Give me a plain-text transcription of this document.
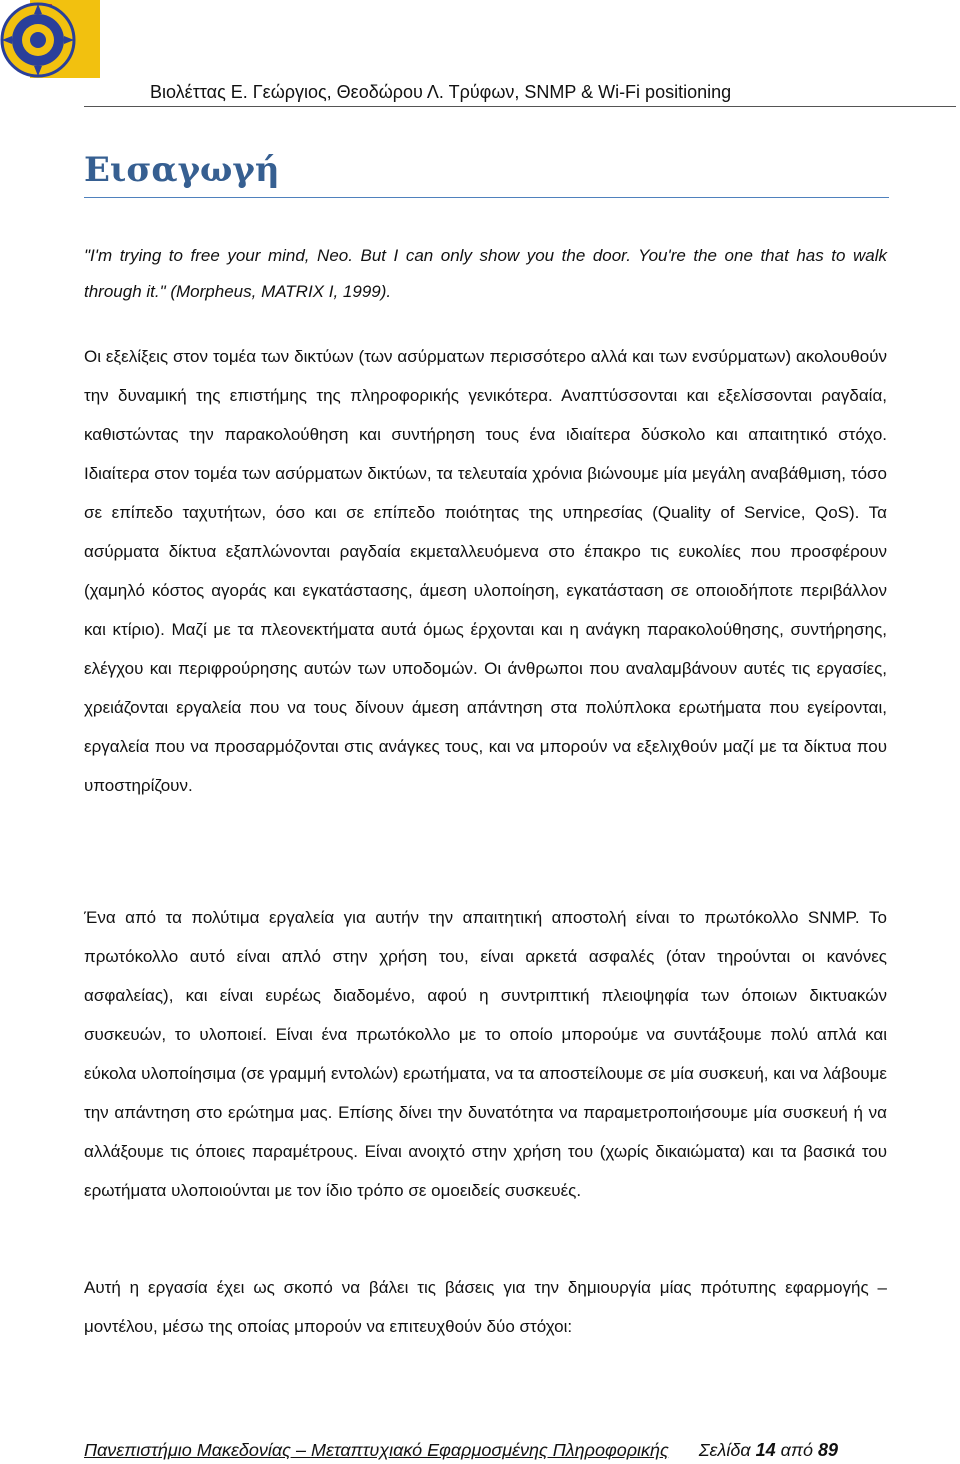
Βιολέττας Ε. Γεώργιος, Θεοδώρου Λ. Τρύφων, SNMP & Wi-Fi positioning
Εισαγωγή

"I'm trying to free your mind, Neo. But I can only show you the door. You're the one that has to walk through it." (Morpheus, MATRIX I, 1999).

Οι εξελίξεις στον τομέα των δικτύων (των ασύρματων περισσότερο αλλά και των ενσύρματων) ακολουθούν την δυναμική της επιστήμης της πληροφορικής γενικότερα. Αναπτύσσονται και εξελίσσονται ραγδαία, καθιστώντας την παρακολούθηση και συντήρηση τους ένα ιδιαίτερα δύσκολο και απαιτητικό στόχο. Ιδιαίτερα στον τομέα των ασύρματων δικτύων, τα τελευταία χρόνια βιώνουμε μία μεγάλη αναβάθμιση, τόσο σε επίπεδο ταχυτήτων, όσο και σε επίπεδο ποιότητας της υπηρεσίας (Quality of Service, QoS). Τα ασύρματα δίκτυα εξαπλώνονται ραγδαία εκμεταλλευόμενα στο έπακρο τις ευκολίες που προσφέρουν (χαμηλό κόστος αγοράς και εγκατάστασης, άμεση υλοποίηση, εγκατάσταση σε οποιοδήποτε περιβάλλον και κτίριο). Μαζί με τα πλεονεκτήματα αυτά όμως έρχονται και η ανάγκη παρακολούθησης, συντήρησης, ελέγχου και περιφρούρησης αυτών των υποδομών. Οι άνθρωποι που αναλαμβάνουν αυτές τις εργασίες, χρειάζονται εργαλεία που να τους δίνουν άμεση απάντηση στα πολύπλοκα ερωτήματα που εγείρονται, εργαλεία που να προσαρμόζονται στις ανάγκες τους, και να μπορούν να εξελιχθούν μαζί με τα δίκτυα που υποστηρίζουν.

Ένα από τα πολύτιμα εργαλεία για αυτήν την απαιτητική αποστολή είναι το πρωτόκολλο SNMP. Το πρωτόκολλο αυτό είναι απλό στην χρήση του, είναι αρκετά ασφαλές (όταν τηρούνται οι κανόνες ασφαλείας), και είναι ευρέως διαδομένο, αφού η συντριπτική πλειοψηφία των όποιων δικτυακών συσκευών, το υλοποιεί. Είναι ένα πρωτόκολλο με το οποίο μπορούμε να συντάξουμε πολύ απλά και εύκολα υλοποίησιμα (σε γραμμή εντολών) ερωτήματα, να τα αποστείλουμε σε μία συσκευή, και να λάβουμε την απάντηση στο ερώτημα μας. Επίσης δίνει την δυνατότητα να παραμετροποιήσουμε μία συσκευή ή να αλλάξουμε τις όποιες παραμέτρους. Είναι ανοιχτό στην χρήση του (χωρίς δικαιώματα) και τα βασικά του ερωτήματα υλοποιούνται με τον ίδιο τρόπο σε ομοειδείς συσκευές.

Αυτή η εργασία έχει ως σκοπό να βάλει τις βάσεις για την δημιουργία μίας πρότυπης εφαρμογής –μοντέλου, μέσω της οποίας μπορούν να επιτευχθούν δύο στόχοι:

Πανεπιστήμιο Μακεδονίας – Μεταπτυχιακό Εφαρμοσμένης Πληροφορικής Σελίδα 14 από 89
